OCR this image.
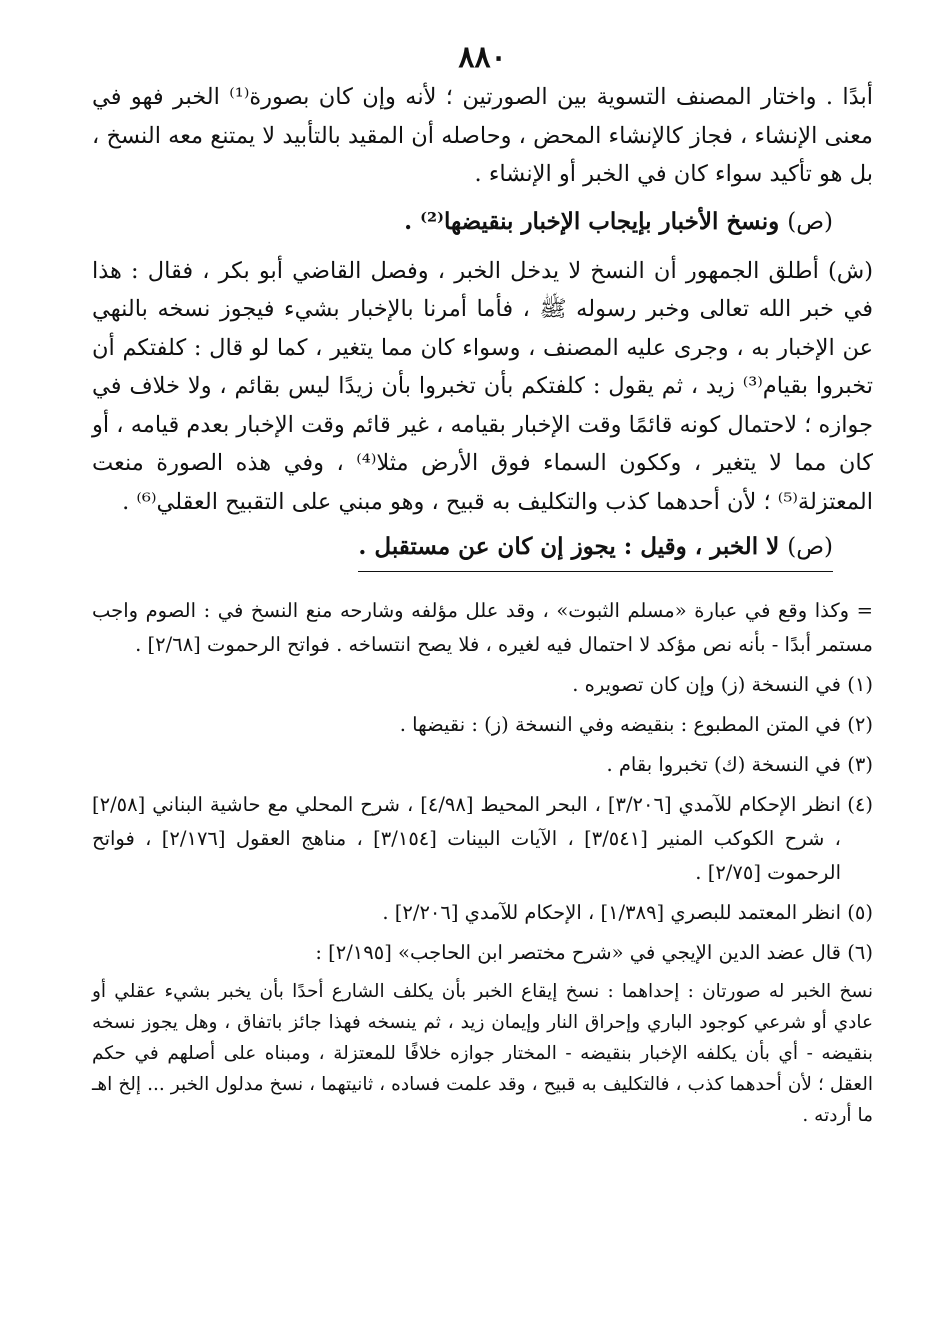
٨٨٠

أبدًا . واختار المصنف التسوية بين الصورتين ؛ لأنه وإن كان بصورة⁽¹⁾ الخبر فهو في معنى الإنشاء ، فجاز كالإنشاء المحض ، وحاصله أن المقيد بالتأبيد لا يمتنع معه النسخ ، بل هو تأكيد سواء كان في الخبر أو الإنشاء .

(ص) ونسخ الأخبار بإيجاب الإخبار بنقيضها⁽²⁾ .

(ش) أطلق الجمهور أن النسخ لا يدخل الخبر ، وفصل القاضي أبو بكر ، فقال : هذا في خبر الله تعالى وخبر رسوله ﷺ ، فأما أمرنا بالإخبار بشيء فيجوز نسخه بالنهي عن الإخبار به ، وجرى عليه المصنف ، وسواء كان مما يتغير ، كما لو قال : كلفتكم أن تخبروا بقيام⁽³⁾ زيد ، ثم يقول : كلفتكم بأن تخبروا بأن زيدًا ليس بقائم ، ولا خلاف في جوازه ؛ لاحتمال كونه قائمًا وقت الإخبار بقيامه ، غير قائم وقت الإخبار بعدم قيامه ، أو كان مما لا يتغير ، وككون السماء فوق الأرض مثلا⁽⁴⁾ ، وفي هذه الصورة منعت المعتزلة⁽⁵⁾ ؛ لأن أحدهما كذب والتكليف به قبيح ، وهو مبني على التقبيح العقلي⁽⁶⁾ .

(ص) لا الخبر ، وقيل : يجوز إن كان عن مستقبل .

= وكذا وقع في عبارة «مسلم الثبوت» ، وقد علل مؤلفه وشارحه منع النسخ في : الصوم واجب مستمر أبدًا - بأنه نص مؤكد لا احتمال فيه لغيره ، فلا يصح انتساخه . فواتح الرحموت [٢/٦٨] .

(١)
في النسخة (ز) وإن كان تصويره .
(٢)
في المتن المطبوع : بنقيضه وفي النسخة (ز) : نقيضها .
(٣)
في النسخة (ك) تخبروا بقام .
(٤)
انظر الإحكام للآمدي [٣/٢٠٦] ، البحر المحيط [٤/٩٨] ، شرح المحلي مع حاشية البناني [٢/٥٨] ، شرح الكوكب المنير [٣/٥٤١] ، الآيات البينات [٣/١٥٤] ، مناهج العقول [٢/١٧٦] ، فواتح الرحموت [٢/٧٥] .
(٥)
انظر المعتمد للبصري [١/٣٨٩] ، الإحكام للآمدي [٢/٢٠٦] .
(٦)
قال عضد الدين الإيجي في «شرح مختصر ابن الحاجب» [٢/١٩٥] :

نسخ الخبر له صورتان : إحداهما : نسخ إيقاع الخبر بأن يكلف الشارع أحدًا بأن يخبر بشيء عقلي أو عادي أو شرعي كوجود الباري وإحراق النار وإيمان زيد ، ثم ينسخه فهذا جائز باتفاق ، وهل يجوز نسخه بنقيضه - أي بأن يكلفه الإخبار بنقيضه - المختار جوازه خلافًا للمعتزلة ، ومبناه على أصلهم في حكم العقل ؛ لأن أحدهما كذب ، فالتكليف به قبيح ، وقد علمت فساده ، ثانيتهما ، نسخ مدلول الخبر ... إلخ اهـ ما أردته .
